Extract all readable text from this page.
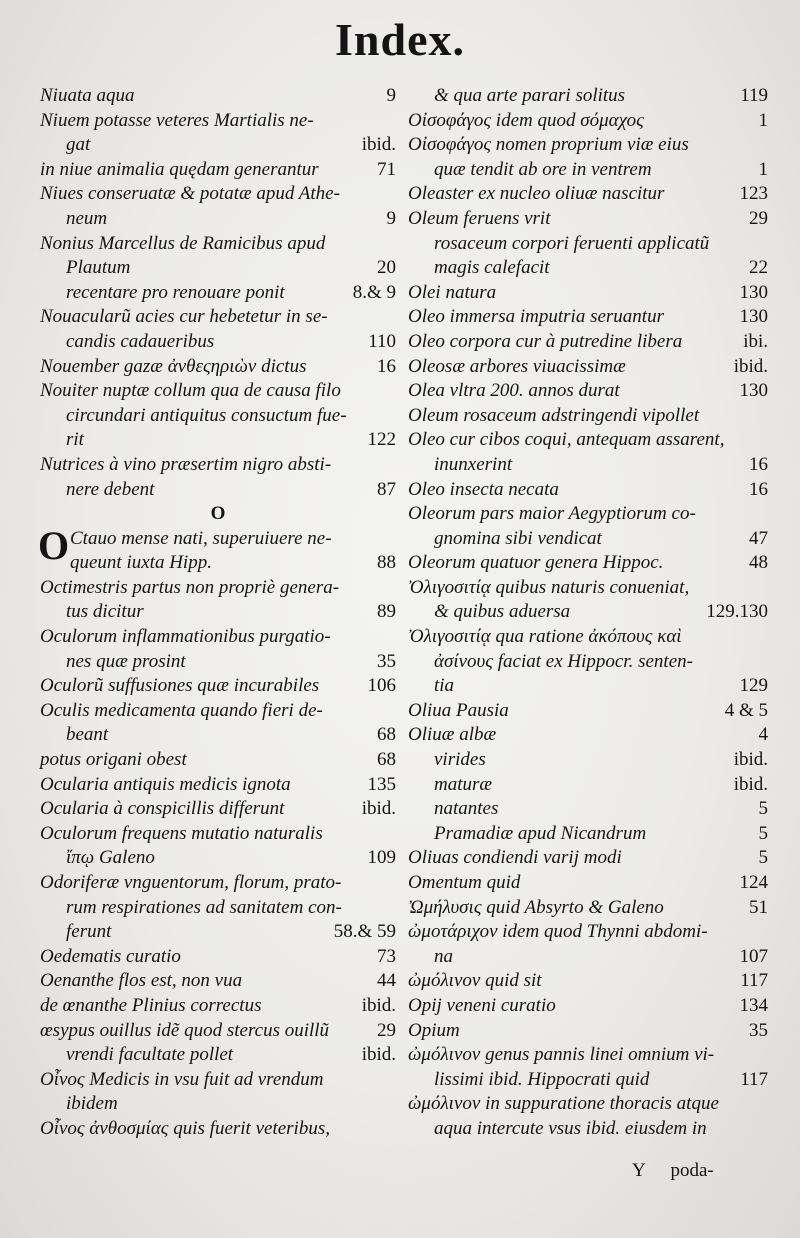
Index.
Niuata aqua	9
Niuem potasse veteres Martialis ne-
gat	ibid.
in niue animalia quędam generantur	71
Niues conseruatæ & potatæ apud Athe-
neum	9
Nonius Marcellus de Ramicibus apud
Plautum	20
recentare pro renouare ponit	8.& 9
Nouacularũ acies cur hebetetur in se-
candis cadaueribus	110
Nouember gazæ ἀνθεςηριὼν dictus	16
Nouiter nuptæ collum qua de causa filo
circundari antiquitus consuctum fue-
rit	122
Nutrices à vino præsertim nigro absti-
nere debent	87
O
O Ctauo mense nati, superuiuere ne-
queunt iuxta Hipp.	88
Octimestris partus non propriè genera-
tus dicitur	89
Oculorum inflammationibus purgatio-
nes quæ prosint	35
Oculorũ suffusiones quæ incurabiles	106
Oculis medicamenta quando fieri de-
beant	68
potus origani obest	68
Ocularia antiquis medicis ignota	135
Ocularia à conspicillis differunt	ibid.
Oculorum frequens mutatio naturalis
ἴπῳ Galeno	109
Odoriferæ vnguentorum, florum, prato-
rum respirationes ad sanitatem con-
ferunt	58.& 59
Oedematis curatio	73
Oenanthe flos est, non vua	44
de œnanthe Plinius correctus	ibid.
œsypus ouillus idẽ quod stercus ouillũ	29
vrendi facultate pollet	ibid.
Οἶνος Medicis in vsu fuit ad vrendum
ibidem
Οἶνος ἀνθοσμίας quis fuerit veteribus,
& qua arte parari solitus	119
Οἰσοφάγος idem quod σόμαχος	1
Οἰσοφάγος nomen proprium viæ eius
quæ tendit ab ore in ventrem	1
Oleaster ex nucleo oliuæ nascitur	123
Oleum feruens vrit	29
rosaceum corpori feruenti applicatũ
magis calefacit	22
Olei natura	130
Oleo immersa imputria seruantur	130
Oleo corpora cur à putredine libera	ibi.
Oleosæ arbores viuacissimæ	ibid.
Olea vltra 200. annos durat	130
Oleum rosaceum adstringendi vipollet
Oleo cur cibos coqui, antequam assarent,
inunxerint	16
Oleo insecta necata	16
Oleorum pars maior Aegyptiorum co-
gnomina sibi vendicat	47
Oleorum quatuor genera Hippoc.	48
Ὀλιγοσιτίᾳ quibus naturis conueniat,
& quibus aduersa	129.130
Ὀλιγοσιτίᾳ qua ratione ἀκόπους καὶ
ἀσίνους faciat ex Hippocr. senten-
tia	129
Oliua Pausia	4 & 5
Oliuæ albæ	4
virides	ibid.
maturæ	ibid.
natantes	5
Pramadiæ apud Nicandrum	5
Oliuas condiendi varij modi	5
Omentum quid	124
Ὠμήλυσις quid Absyrto & Galeno	51
ὠμοτάριχον idem quod Thynni abdomi-
na	107
ὠμόλινον quid sit	117
Opij veneni curatio	134
Opium	35
ὠμόλινον genus pannis linei omnium vi-
lissimi ibid. Hippocrati quid	117
ὠμόλινον in suppuratione thoracis atque
aqua intercute vsus ibid. eiusdem in
Y poda-
